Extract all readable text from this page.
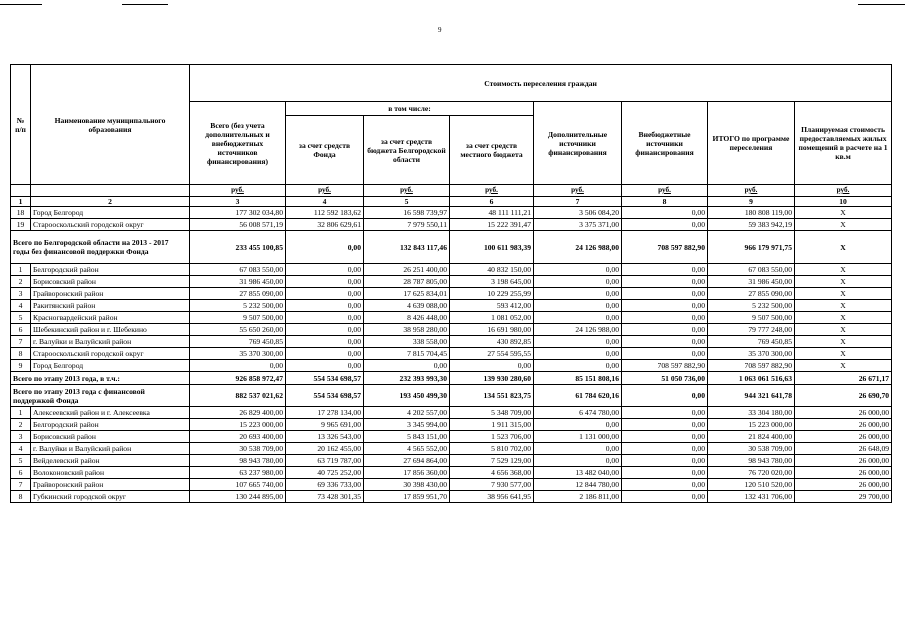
9
№ п/п	Наименование муниципального образования	Стоимость переселения граждан							
		Всего (без учета дополнительных и внебюджетных источников финансирования)	в том числе:			Дополнительные источники финансирования	Внебюджетные источники финансирования	ИТОГО по программе переселения	Планируемая стоимость предоставляемых жилых помещений в расчете на 1 кв.м
			за счет средств Фонда	за счет средств бюджета Белгородской области	за счет средств местного бюджета				
		руб.	руб.	руб.	руб.	руб.	руб.	руб.	руб.
1	2	3	4	5	6	7	8	9	10
18	Город Белгород	177 302 034,80	112 592 183,62	16 598 739,97	48 111 111,21	3 506 084,20	0,00	180 808 119,00	X
19	Старооскольский городской округ	56 008 571,19	32 806 629,61	7 979 550,11	15 222 391,47	3 375 371,00	0,00	59 383 942,19	X
Всего по Белгородской области на 2013 - 2017 годы без финансовой поддержки Фонда		233 455 100,85	0,00	132 843 117,46	100 611 983,39	24 126 988,00	708 597 882,90	966 179 971,75	X
1	Белгородский район	67 083 550,00	0,00	26 251 400,00	40 832 150,00	0,00	0,00	67 083 550,00	X
2	Борисовский район	31 986 450,00	0,00	28 787 805,00	3 198 645,00	0,00	0,00	31 986 450,00	X
3	Грайворонский район	27 855 090,00	0,00	17 625 834,01	10 229 255,99	0,00	0,00	27 855 090,00	X
4	Ракитянский район	5 232 500,00	0,00	4 639 088,00	593 412,00	0,00	0,00	5 232 500,00	X
5	Красногвардейский район	9 507 500,00	0,00	8 426 448,00	1 081 052,00	0,00	0,00	9 507 500,00	X
6	Шебекинский район и г. Шебекино	55 650 260,00	0,00	38 958 280,00	16 691 980,00	24 126 988,00	0,00	79 777 248,00	X
7	г. Валуйки и Валуйский район	769 450,85	0,00	338 558,00	430 892,85	0,00	0,00	769 450,85	X
8	Старооскольский городской округ	35 370 300,00	0,00	7 815 704,45	27 554 595,55	0,00	0,00	35 370 300,00	X
9	Город Белгород	0,00	0,00	0,00	0,00	0,00	708 597 882,90	708 597 882,90	X
Всего по этапу 2013 года, в т.ч.:		926 858 972,47	554 534 698,57	232 393 993,30	139 930 280,60	85 151 808,16	51 050 736,00	1 063 061 516,63	26 671,17
Всего по этапу 2013 года с финансовой поддержкой Фонда		882 537 021,62	554 534 698,57	193 450 499,30	134 551 823,75	61 784 620,16	0,00	944 321 641,78	26 690,70
1	Алексеевский район и г. Алексеевка	26 829 400,00	17 278 134,00	4 202 557,00	5 348 709,00	6 474 780,00	0,00	33 304 180,00	26 000,00
2	Белгородский район	15 223 000,00	9 965 691,00	3 345 994,00	1 911 315,00	0,00	0,00	15 223 000,00	26 000,00
3	Борисовский район	20 693 400,00	13 326 543,00	5 843 151,00	1 523 706,00	1 131 000,00	0,00	21 824 400,00	26 000,00
4	г. Валуйки и Валуйский район	30 538 709,00	20 162 455,00	4 565 552,00	5 810 702,00	0,00	0,00	30 538 709,00	26 648,09
5	Вейделевский район	98 943 780,00	63 719 787,00	27 694 864,00	7 529 129,00	0,00	0,00	98 943 780,00	26 000,00
6	Волоконовский район	63 237 980,00	40 725 252,00	17 856 360,00	4 656 368,00	13 482 040,00	0,00	76 720 020,00	26 000,00
7	Грайворонский район	107 665 740,00	69 336 733,00	30 398 430,00	7 930 577,00	12 844 780,00	0,00	120 510 520,00	26 000,00
8	Губкинский городской округ	130 244 895,00	73 428 301,35	17 859 951,70	38 956 641,95	2 186 811,00	0,00	132 431 706,00	29 700,00
